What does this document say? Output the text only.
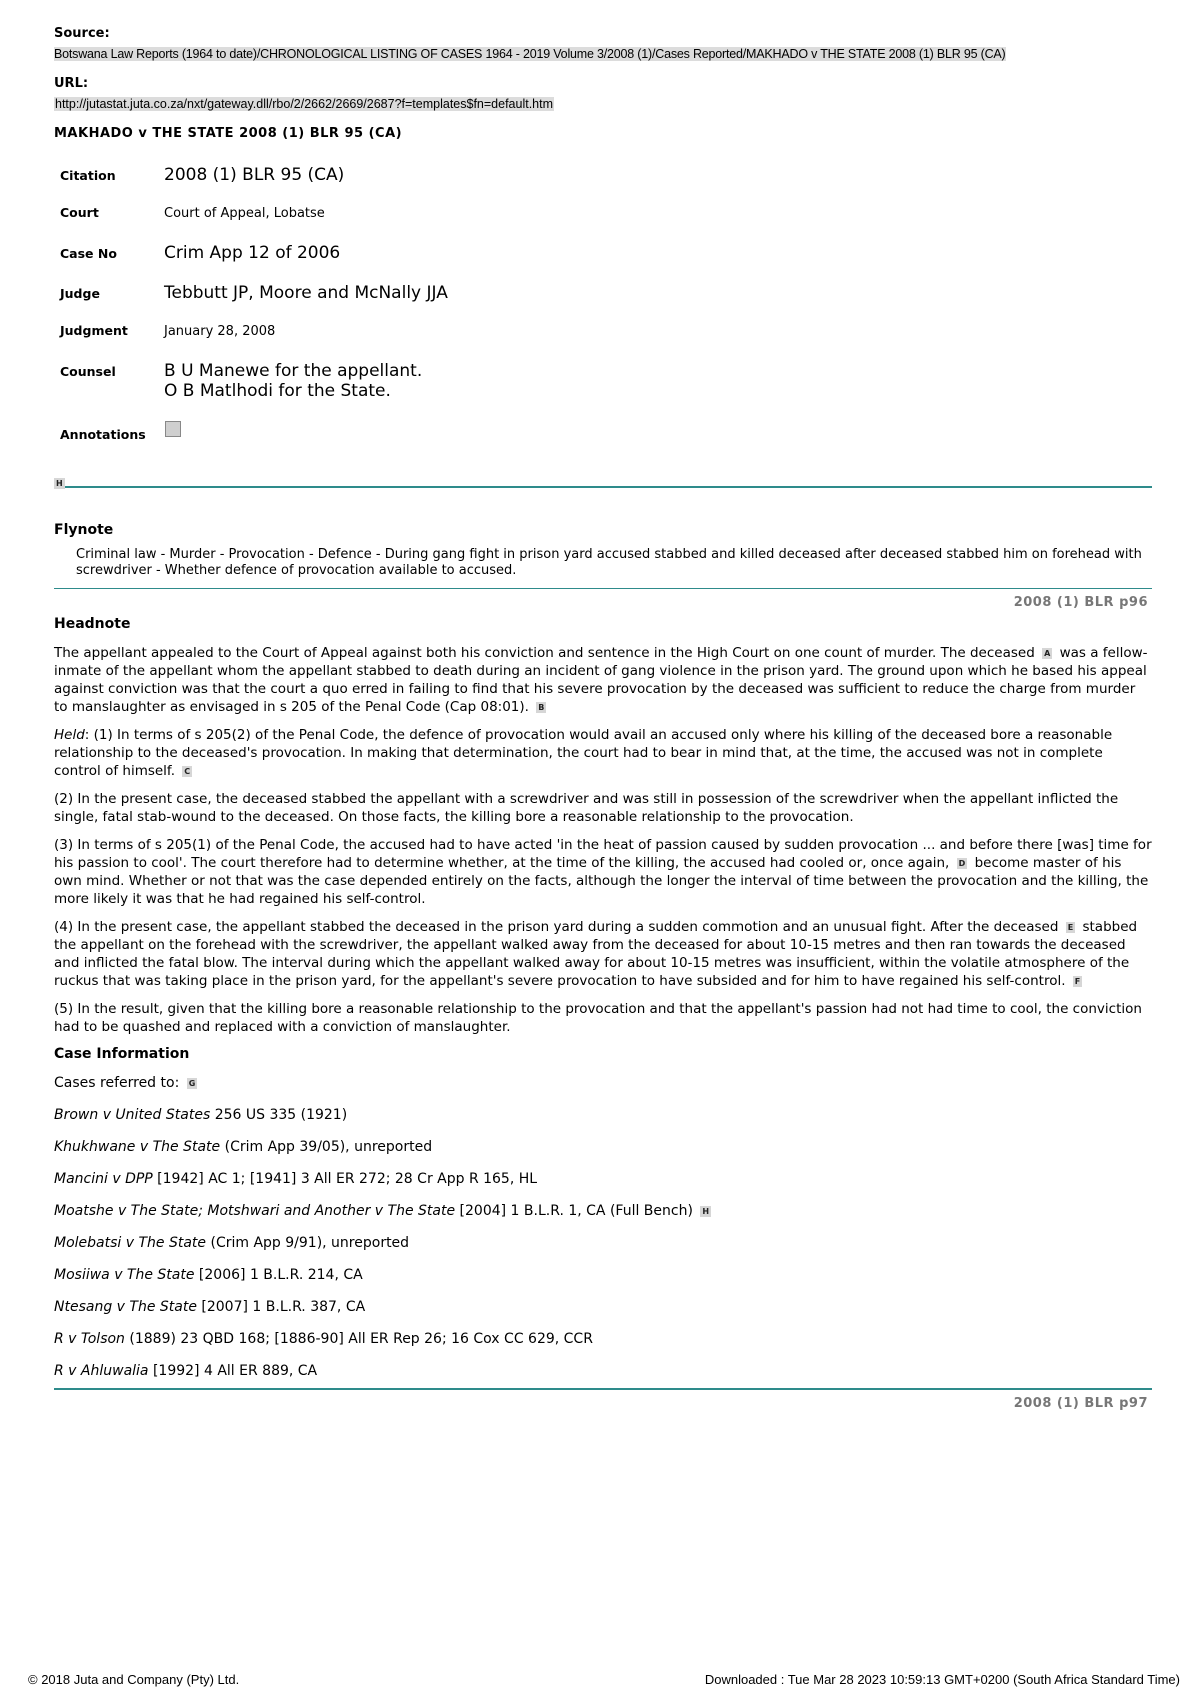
Source:
Botswana Law Reports (1964 to date)/CHRONOLOGICAL LISTING OF CASES 1964 - 2019 Volume 3/2008 (1)/Cases Reported/MAKHADO v THE STATE 2008 (1) BLR 95 (CA)
URL:
http://jutastat.juta.co.za/nxt/gateway.dll/rbo/2/2662/2669/2687?f=templates$fn=default.htm
MAKHADO v THE STATE 2008 (1) BLR 95 (CA)
Citation	2008 (1) BLR 95 (CA)
Court	Court of Appeal, Lobatse
Case No	Crim App 12 of 2006
Judge	Tebbutt JP, Moore and McNally JJA
Judgment	January 28, 2008
Counsel	B U Manewe for the appellant.
O B Matlhodi for the State.

Annotations	
H
Flynote
Criminal law - Murder - Provocation - Defence - During gang fight in prison yard accused stabbed and killed deceased after deceased stabbed him on forehead with screwdriver - Whether defence of provocation available to accused.
2008 (1) BLR p96
Headnote

The appellant appealed to the Court of Appeal against both his conviction and sentence in the High Court on one count of murder. The deceased A was a fellow-inmate of the appellant whom the appellant stabbed to death during an incident of gang violence in the prison yard. The ground upon which he based his appeal against conviction was that the court a quo erred in failing to find that his severe provocation by the deceased was sufficient to reduce the charge from murder to manslaughter as envisaged in s 205 of the Penal Code (Cap 08:01). B

Held: (1) In terms of s 205(2) of the Penal Code, the defence of provocation would avail an accused only where his killing of the deceased bore a reasonable relationship to the deceased's provocation. In making that determination, the court had to bear in mind that, at the time, the accused was not in complete control of himself. C

(2) In the present case, the deceased stabbed the appellant with a screwdriver and was still in possession of the screwdriver when the appellant inflicted the single, fatal stab-wound to the deceased. On those facts, the killing bore a reasonable relationship to the provocation.

(3) In terms of s 205(1) of the Penal Code, the accused had to have acted 'in the heat of passion caused by sudden provocation ... and before there [was] time for his passion to cool'. The court therefore had to determine whether, at the time of the killing, the accused had cooled or, once again, D become master of his own mind. Whether or not that was the case depended entirely on the facts, although the longer the interval of time between the provocation and the killing, the more likely it was that he had regained his self-control.

(4) In the present case, the appellant stabbed the deceased in the prison yard during a sudden commotion and an unusual fight. After the deceased E stabbed the appellant on the forehead with the screwdriver, the appellant walked away from the deceased for about 10-15 metres and then ran towards the deceased and inflicted the fatal blow. The interval during which the appellant walked away for about 10-15 metres was insufficient, within the volatile atmosphere of the ruckus that was taking place in the prison yard, for the appellant's severe provocation to have subsided and for him to have regained his self-control. F

(5) In the result, given that the killing bore a reasonable relationship to the provocation and that the appellant's passion had not had time to cool, the conviction had to be quashed and replaced with a conviction of manslaughter.

Case Information
Cases referred to: G
Brown v United States 256 US 335 (1921)
Khukhwane v The State (Crim App 39/05), unreported
Mancini v DPP [1942] AC 1; [1941] 3 All ER 272; 28 Cr App R 165, HL
Moatshe v The State; Motshwari and Another v The State [2004] 1 B.L.R. 1, CA (Full Bench) H
Molebatsi v The State (Crim App 9/91), unreported
Mosiiwa v The State [2006] 1 B.L.R. 214, CA
Ntesang v The State [2007] 1 B.L.R. 387, CA
R v Tolson (1889) 23 QBD 168; [1886-90] All ER Rep 26; 16 Cox CC 629, CCR
R v Ahluwalia [1992] 4 All ER 889, CA
2008 (1) BLR p97
© 2018 Juta and Company (Pty) Ltd.	Downloaded : Tue Mar 28 2023 10:59:13 GMT+0200 (South Africa Standard Time)
